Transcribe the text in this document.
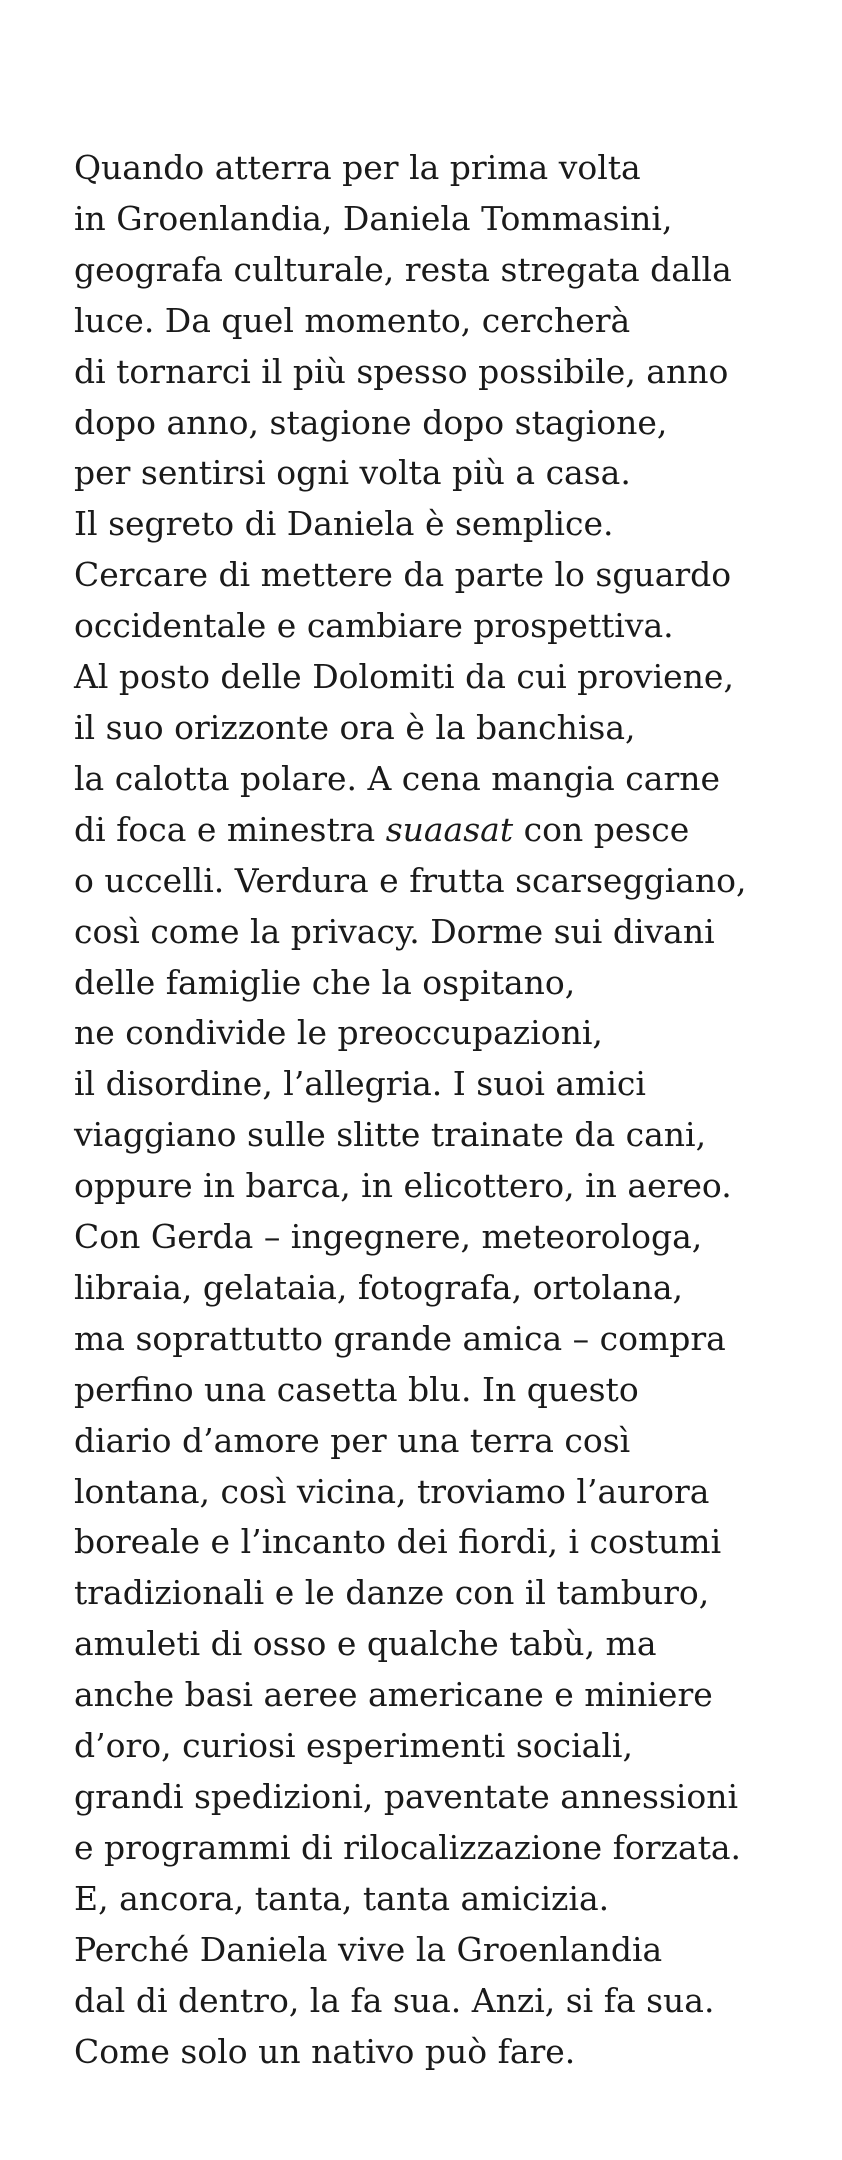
Quando atterra per la prima volta
in Groenlandia, Daniela Tommasini,
geografa culturale, resta stregata dalla
luce. Da quel momento, cercherà
di tornarci il più spesso possibile, anno
dopo anno, stagione dopo stagione,
per sentirsi ogni volta più a casa.
Il segreto di Daniela è semplice.
Cercare di mettere da parte lo sguardo
occidentale e cambiare prospettiva.
Al posto delle Dolomiti da cui proviene,
il suo orizzonte ora è la banchisa,
la calotta polare. A cena mangia carne
di foca e minestra suaasat con pesce
o uccelli. Verdura e frutta scarseggiano,
così come la privacy. Dorme sui divani
delle famiglie che la ospitano,
ne condivide le preoccupazioni,
il disordine, l’allegria. I suoi amici
viaggiano sulle slitte trainate da cani,
oppure in barca, in elicottero, in aereo.
Con Gerda – ingegnere, meteorologa,
libraia, gelataia, fotografa, ortolana,
ma soprattutto grande amica – compra
perfino una casetta blu. In questo
diario d’amore per una terra così
lontana, così vicina, troviamo l’aurora
boreale e l’incanto dei fiordi, i costumi
tradizionali e le danze con il tamburo,
amuleti di osso e qualche tabù, ma
anche basi aeree americane e miniere
d’oro, curiosi esperimenti sociali,
grandi spedizioni, paventate annessioni
e programmi di rilocalizzazione forzata.
E, ancora, tanta, tanta amicizia.
Perché Daniela vive la Groenlandia
dal di dentro, la fa sua. Anzi, si fa sua.
Come solo un nativo può fare.
